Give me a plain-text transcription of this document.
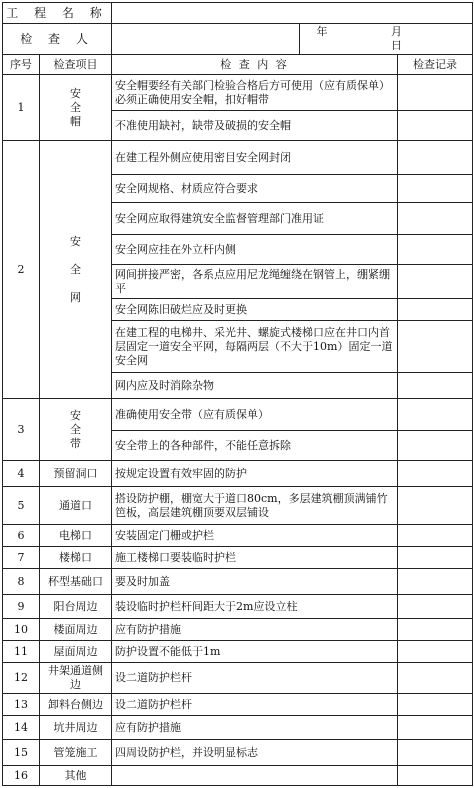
工 程 名 称				
检 查 人			年 月 日	
序号	检查项目	检 查 内 容		检查记录
1	安
全
帽	安全帽要经有关部门检验合格后方可使用（应有质保单）必须正确使用安全帽，扣好帽带		
		不准使用缺衬，缺带及破损的安全帽		
2	安

全

网	在建工程外侧应使用密目安全网封闭		
		安全网规格、材质应符合要求		
		安全网应取得建筑安全监督管理部门准用证		
		安全网应挂在外立杆内侧		
		网间拼接严密，各系点应用尼龙绳缠绕在钢管上，绷紧绷平		
		安全网陈旧破烂应及时更换		
		在建工程的电梯井、采光井、螺旋式楼梯口应在井口内首层固定一道安全平网，每隔两层（不大于10m）固定一道安全网		
		网内应及时消除杂物		
3	安
全
带	准确使用安全带（应有质保单）		
		安全带上的各种部件，不能任意拆除		
4	预留洞口	按规定设置有效牢固的防护		
5	通道口	搭设防护棚，棚宽大于道口80cm，多层建筑棚顶满铺竹笆板，高层建筑棚顶要双层铺设		
6	电梯口	安装固定门栅或护栏		
7	楼梯口	施工楼梯口要装临时护栏		
8	杯型基础口	要及时加盖		
9	阳台周边	装设临时护栏杆间距大于2m应设立柱		
10	楼面周边	应有防护措施		
11	屋面周边	防护设置不能低于1m		
12	井架通道侧
边	设二道防护栏杆		
13	卸料台侧边	设二道防护栏杆		
14	坑井周边	应有防护措施		
15	管笼施工	四周设防护栏，并设明显标志		
16	其他			
